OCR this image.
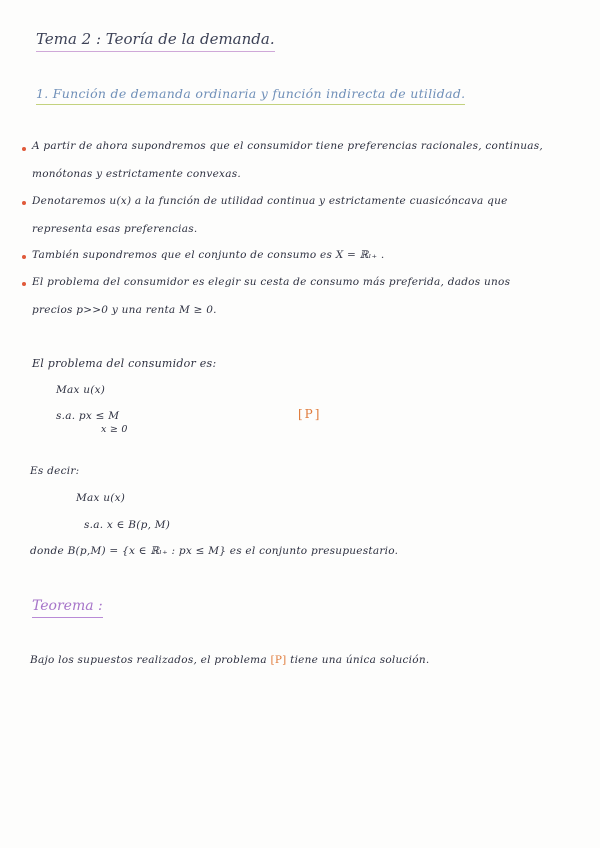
Tema 2 : Teoría de la demanda.
1. Función de demanda ordinaria y función indirecta de utilidad.
A partir de ahora supondremos que el consumidor tiene preferencias racionales, continuas,
monótonas y estrictamente convexas.
Denotaremos u(x) a la función de utilidad continua y estrictamente cuasicóncava que
representa esas preferencias.
También supondremos que el conjunto de consumo es X = ℝₗ₊ .
El problema del consumidor es elegir su cesta de consumo más preferida, dados unos
precios p>>0 y una renta M ≥ 0.
El problema del consumidor es:
Max u(x)
s.a. px ≤ M
x ≥ 0
[P]
Es decir:
Max u(x)
s.a. x ∈ B(p, M)
donde B(p,M) = {x ∈ ℝₗ₊ : px ≤ M} es el conjunto presupuestario.
Teorema :
Bajo los supuestos realizados, el problema [P] tiene una única solución.
